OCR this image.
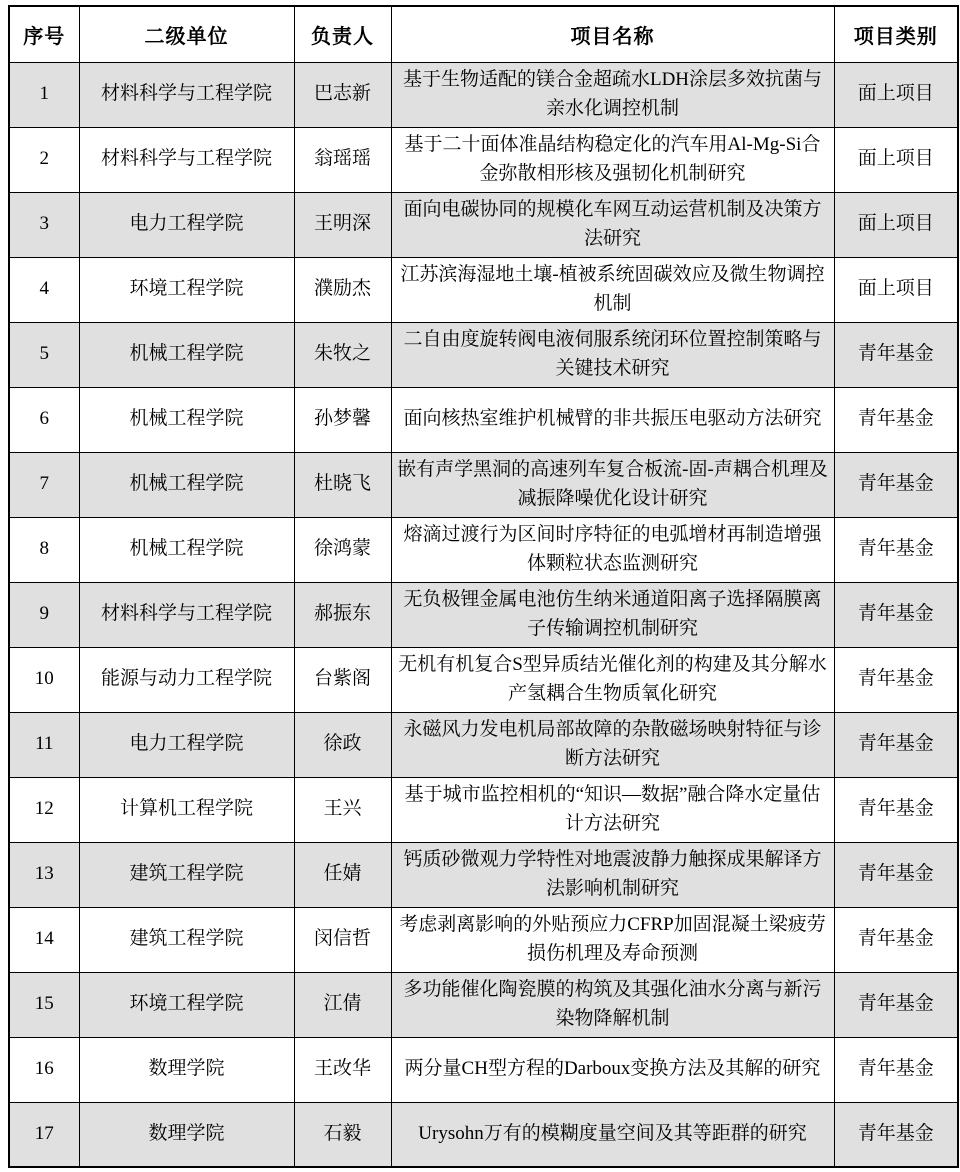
序号	二级单位	负责人	项目名称	项目类别
1	材料科学与工程学院	巴志新	基于生物适配的镁合金超疏水LDH涂层多效抗菌与亲水化调控机制	面上项目
2	材料科学与工程学院	翁瑶瑶	基于二十面体准晶结构稳定化的汽车用Al-Mg-Si合金弥散相形核及强韧化机制研究	面上项目
3	电力工程学院	王明深	面向电碳协同的规模化车网互动运营机制及决策方法研究	面上项目
4	环境工程学院	濮励杰	江苏滨海湿地土壤-植被系统固碳效应及微生物调控机制	面上项目
5	机械工程学院	朱牧之	二自由度旋转阀电液伺服系统闭环位置控制策略与关键技术研究	青年基金
6	机械工程学院	孙梦馨	面向核热室维护机械臂的非共振压电驱动方法研究	青年基金
7	机械工程学院	杜晓飞	嵌有声学黑洞的高速列车复合板流-固-声耦合机理及减振降噪优化设计研究	青年基金
8	机械工程学院	徐鸿蒙	熔滴过渡行为区间时序特征的电弧增材再制造增强体颗粒状态监测研究	青年基金
9	材料科学与工程学院	郝振东	无负极锂金属电池仿生纳米通道阳离子选择隔膜离子传输调控机制研究	青年基金
10	能源与动力工程学院	台紫阁	无机有机复合S型异质结光催化剂的构建及其分解水产氢耦合生物质氧化研究	青年基金
11	电力工程学院	徐政	永磁风力发电机局部故障的杂散磁场映射特征与诊断方法研究	青年基金
12	计算机工程学院	王兴	基于城市监控相机的“知识—数据”融合降水定量估计方法研究	青年基金
13	建筑工程学院	任婧	钙质砂微观力学特性对地震波静力触探成果解译方法影响机制研究	青年基金
14	建筑工程学院	闵信哲	考虑剥离影响的外贴预应力CFRP加固混凝土梁疲劳损伤机理及寿命预测	青年基金
15	环境工程学院	江倩	多功能催化陶瓷膜的构筑及其强化油水分离与新污染物降解机制	青年基金
16	数理学院	王改华	两分量CH型方程的Darboux变换方法及其解的研究	青年基金
17	数理学院	石毅	Urysohn万有的模糊度量空间及其等距群的研究	青年基金
